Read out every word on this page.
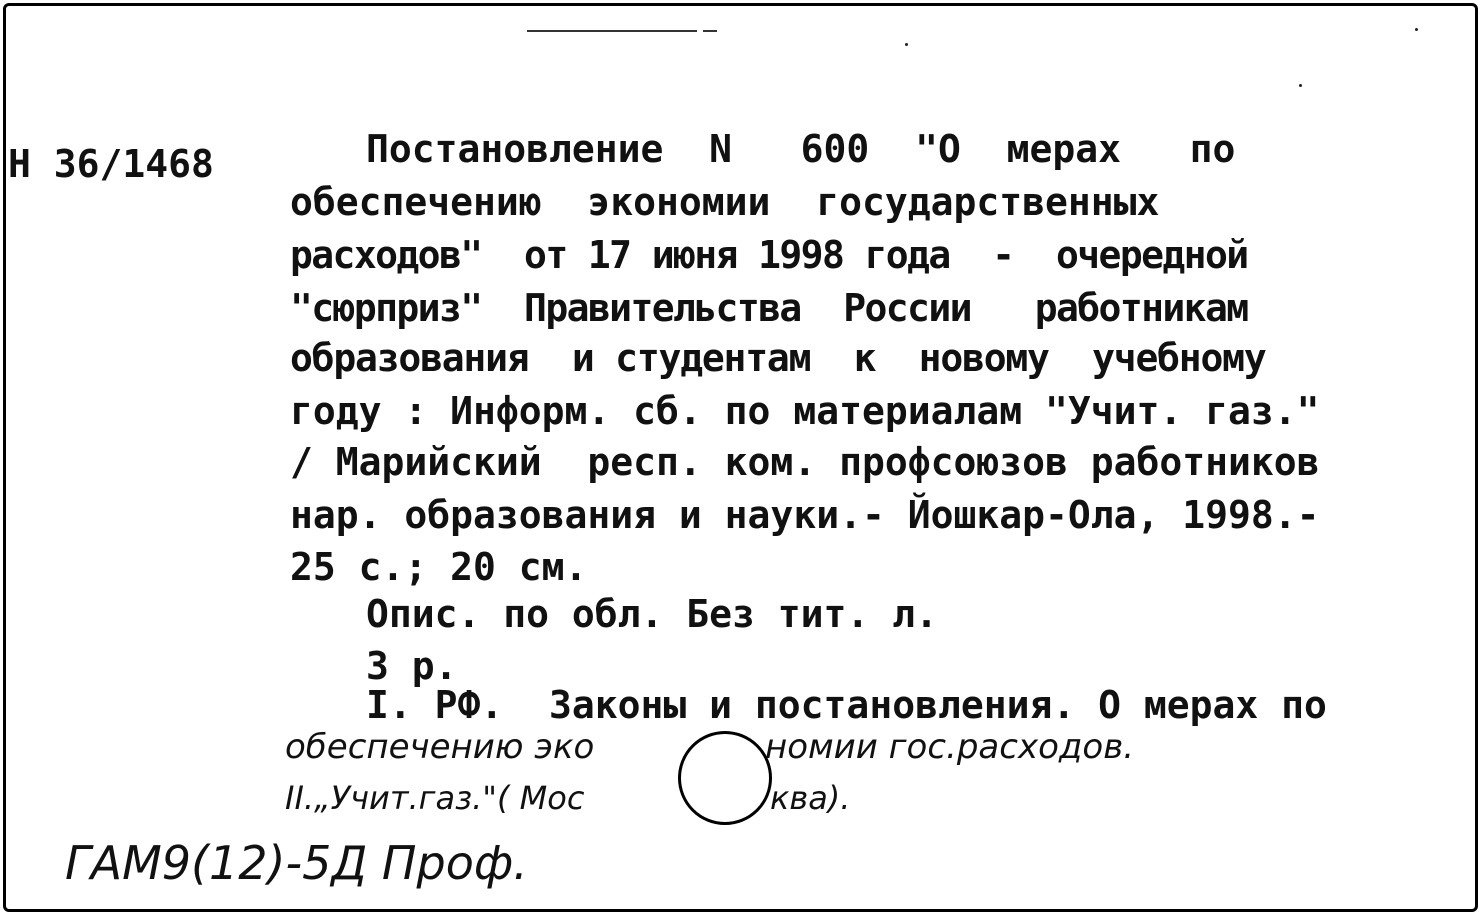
Н 36/1468	Постановление  N   600  "О  мерах   по
обеспечению  экономии  государственных
расходов"  от 17 июня 1998 года  -  очередной
"сюрприз"  Правительства  России   работникам
образования  и студентам  к  новому  учебному
году : Информ. сб. по материалам "Учит. газ."
/ Марийский  респ. ком. профсоюзов работников
нар. образования и науки.- Йошкар-Ола, 1998.-
25 с.; 20 см.
Опис. по обл. Без тит. л.
3 р.
I. РФ.  Законы и постановления. О мерах по
обеспечению эко	номии гос.расходов.
II.„Учит.газ."( Мос	ква).
ГАМ9(12)-5Д Проф.
